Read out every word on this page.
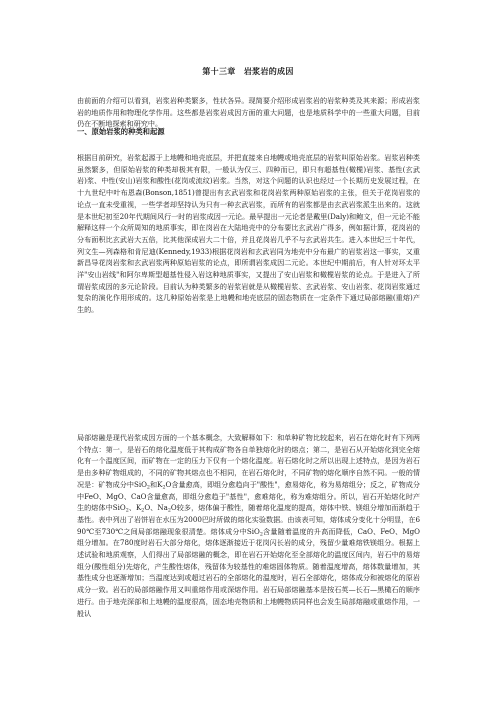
第十三章　岩浆岩的成因

由前面的介绍可以看到，岩浆岩种类繁多，性状各异。现简要介绍形成岩浆岩的岩浆种类及其来源；形成岩浆岩的地质作用和物理化学作用。这些都是岩浆岩成因方面的重大问题，也是地质科学中的一些重大问题，目前仍在不断地探索和研究中。

一、原始岩浆的种类和起源

根据目前研究，岩浆起源于上地幔和地壳底层，并把直接来自地幔或地壳底层的岩浆叫原始岩浆。岩浆岩种类虽然繁多，但原始岩浆的种类却极其有限，一般认为仅三、四种而已，即只有超基性(橄榄)岩浆、基性(玄武岩)浆、中性(安山)岩浆和酸性(花岗或流纹)岩浆。当然，对这个问题的认识也经过一个长期历史发展过程，在十九世纪中叶布恩森(Bonson,1851)曾提出有玄武岩浆和花岗岩浆两种原始岩浆的主张，但关于花岗岩浆的论点一直未受重视，一些学者却坚持认为只有一种玄武岩浆，而所有的岩浆都是由玄武岩浆派生出来的。这就是本世纪初至20年代期间风行一时的岩浆成因一元论。最早提出一元论者是戴里(Daly)和鲍文，但一元论不能解释这样一个众所周知的地质事实，即在岗岩在大陆地壳中的分布要比玄武岩广得多，例如据计算，花岗岩的分布面积比玄武岩大五倍，比其他深成岩大二十倍，并且花岗岩几乎不与玄武岩共生。进入本世纪三十年代，列文生—列森格和肯尼迪(Kennedy,1933)根据花岗岩和玄武岩同为地壳中分布最广的岩浆岩这一事实，又重新昌导花岗岩浆和玄武岩浆两种原始岩浆的论点，即所谓岩浆成因二元论。本世纪中期前后，有人针对环太平洋"安山岩线"和阿尔卑斯型超基性侵入岩这种地质事实，又提出了安山岩浆和橄榄岩浆的论点。于是进入了所谓岩浆成因的多元论阶段。目前认为种类繁多的岩浆岩就是从橄榄岩浆、玄武岩浆、安山岩浆、花岗岩浆通过复杂的演化作用形成的。这几种原始岩浆是上地幔和地壳底层的固态物质在一定条件下通过局部熔融(重熔)产生的。

局部熔融是现代岩浆成因方面的一个基本概念，大致解释如下：和单种矿物比较起来，岩石在熔化时有下列两个特点：第一，是岩石的熔化温度低于其构成矿物各自单独熔化时的熔点；第二，是岩石从开始熔化到完全熔化有一个温度区间，而矿物在一定的压力下仅有一个熔化温度。岩石熔化时之所以出现上述特点，是因为岩石是由多种矿物组成的，不同的矿物其熔点也不相同，在岩石熔化时，不同矿物的熔化顺序自然不同。一般的情况是：矿物成分中SiO$_2$和$K_2O$含量愈高，即组分愈趋向于"酸性"，愈易熔化，称为易熔组分；反之，矿物成分中FeO、MgO、CaO含量愈高，即组分愈趋于"基性"，愈难熔化，称为难熔组分。所以，岩石开始熔化时产生的熔体中SiO$_2$、$K_2O$、$Na_2O$较多，熔体偏于酸性，随着熔化温度的提高，熔体中铁、镁组分增加而渐趋于基性。表中列出了岩饼岩在水压为2000巴时所做的熔化实验数据。由该表可知，熔体成分变化十分明显，在690℃至730℃之间局部熔融现象很清楚。熔体成分中SiO$_2$含量随着温度的升高而降低，CaO、FeO、MgO组分增加。在780度时岩石大部分熔化，熔体逐渐接近于花岗闪长岩的成分，残留少量难熔铁镁组分。根据上述试验和地质观察，人们得出了局部熔融的概念，即在岩石开始熔化至全部熔化的温度区间内，岩石中的易熔组分(酸性组分)先熔化，产生酸性熔体，残留体为较基性的难熔固体物质。随着温度增高，熔体数量增加，其基性成分也逐渐增加；当温度达到或超过岩石的全部熔化的温度时，岩石全部熔化，熔体成分和被熔化的原岩成分一致。岩石的局部熔融作用又叫重熔作用或深熔作用。岩石局部熔融基本是按石英—长石—黑橄石的顺序进行。由于地壳深部和上地幔的温度很高，固态地壳物质和上地幔物质同样也会发生局部熔融或重熔作用，一般认
